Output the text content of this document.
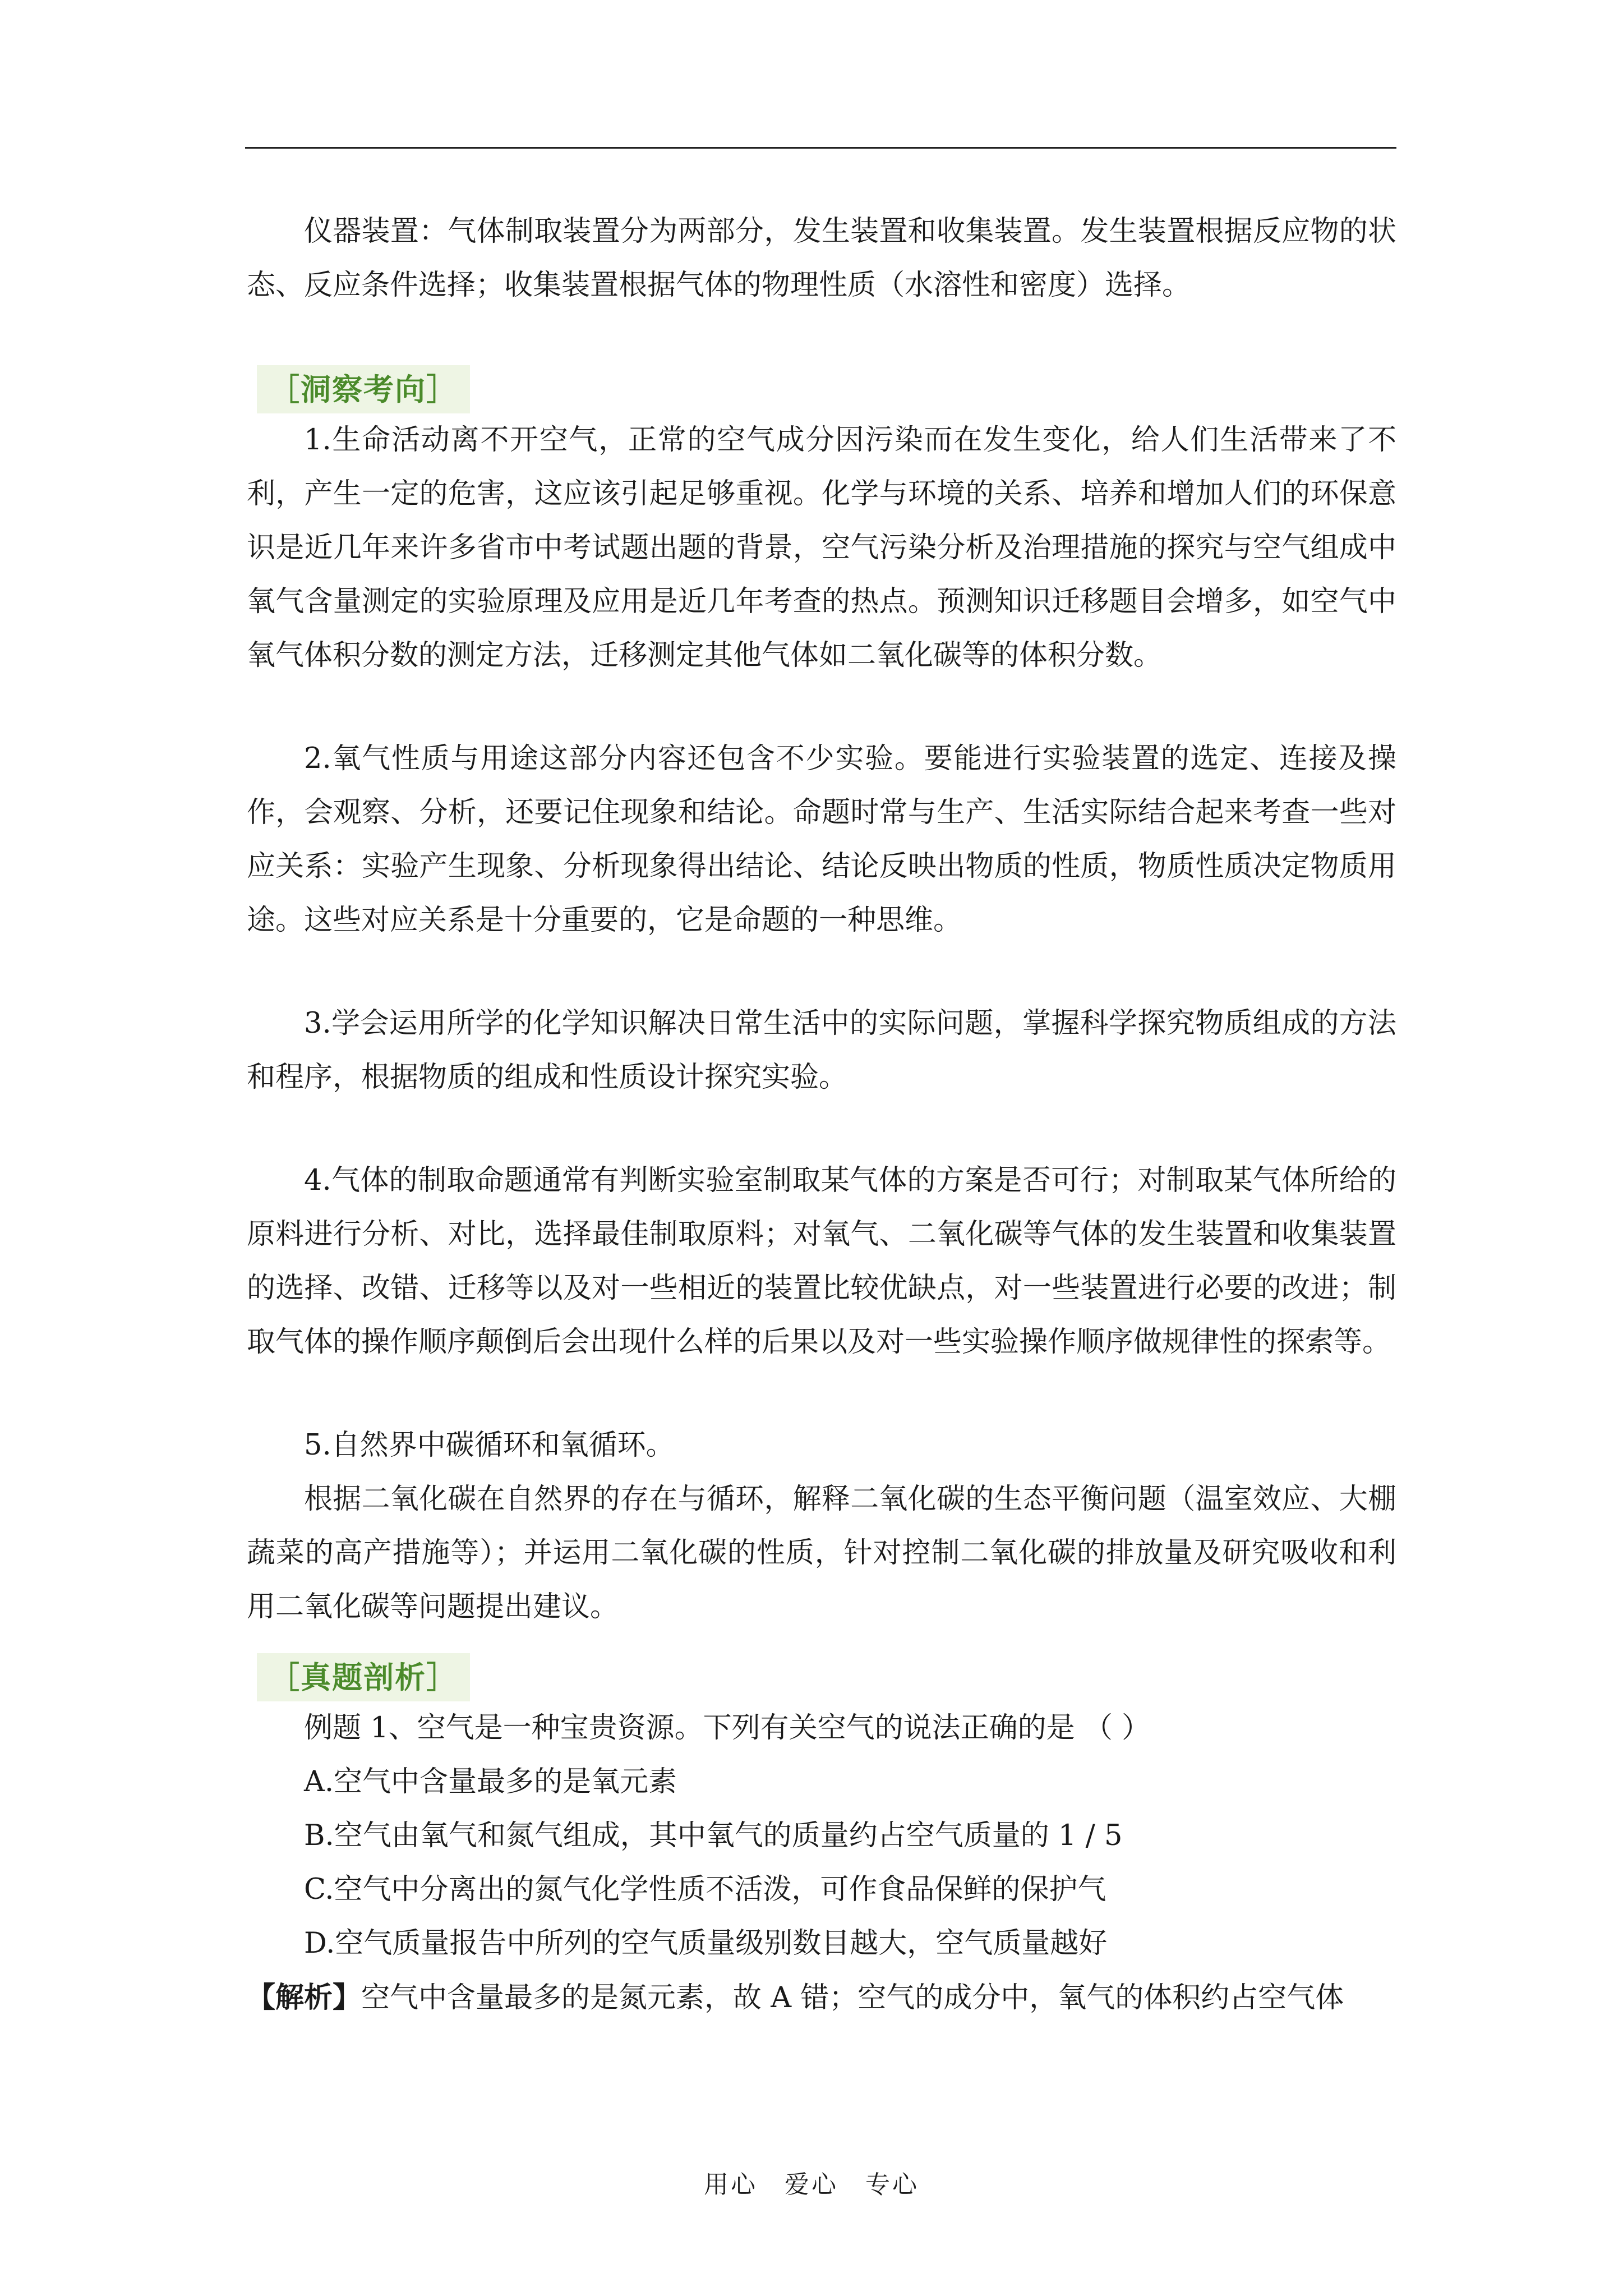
仪器装置：气体制取装置分为两部分，发生装置和收集装置。发生装置根据反应物的状态、反应条件选择；收集装置根据气体的物理性质（水溶性和密度）选择。

［洞察考向］

1.生命活动离不开空气，正常的空气成分因污染而在发生变化，给人们生活带来了不利，产生一定的危害，这应该引起足够重视。化学与环境的关系、培养和增加人们的环保意识是近几年来许多省市中考试题出题的背景，空气污染分析及治理措施的探究与空气组成中氧气含量测定的实验原理及应用是近几年考查的热点。预测知识迁移题目会增多，如空气中氧气体积分数的测定方法，迁移测定其他气体如二氧化碳等的体积分数。

2.氧气性质与用途这部分内容还包含不少实验。要能进行实验装置的选定、连接及操作，会观察、分析，还要记住现象和结论。命题时常与生产、生活实际结合起来考查一些对应关系：实验产生现象、分析现象得出结论、结论反映出物质的性质，物质性质决定物质用途。这些对应关系是十分重要的，它是命题的一种思维。

3.学会运用所学的化学知识解决日常生活中的实际问题，掌握科学探究物质组成的方法和程序，根据物质的组成和性质设计探究实验。

4.气体的制取命题通常有判断实验室制取某气体的方案是否可行；对制取某气体所给的原料进行分析、对比，选择最佳制取原料；对氧气、二氧化碳等气体的发生装置和收集装置的选择、改错、迁移等以及对一些相近的装置比较优缺点，对一些装置进行必要的改进；制取气体的操作顺序颠倒后会出现什么样的后果以及对一些实验操作顺序做规律性的探索等。

5.自然界中碳循环和氧循环。

根据二氧化碳在自然界的存在与循环，解释二氧化碳的生态平衡问题（温室效应、大棚蔬菜的高产措施等）；并运用二氧化碳的性质，针对控制二氧化碳的排放量及研究吸收和利用二氧化碳等问题提出建议。

［真题剖析］

例题 1、空气是一种宝贵资源。下列有关空气的说法正确的是 （ ）

A.空气中含量最多的是氧元素

B.空气由氧气和氮气组成，其中氧气的质量约占空气质量的 1 / 5

C.空气中分离出的氮气化学性质不活泼，可作食品保鲜的保护气

D.空气质量报告中所列的空气质量级别数目越大，空气质量越好

【解析】空气中含量最多的是氮元素，故 A 错；空气的成分中，氧气的体积约占空气体

用心　爱心　专心
